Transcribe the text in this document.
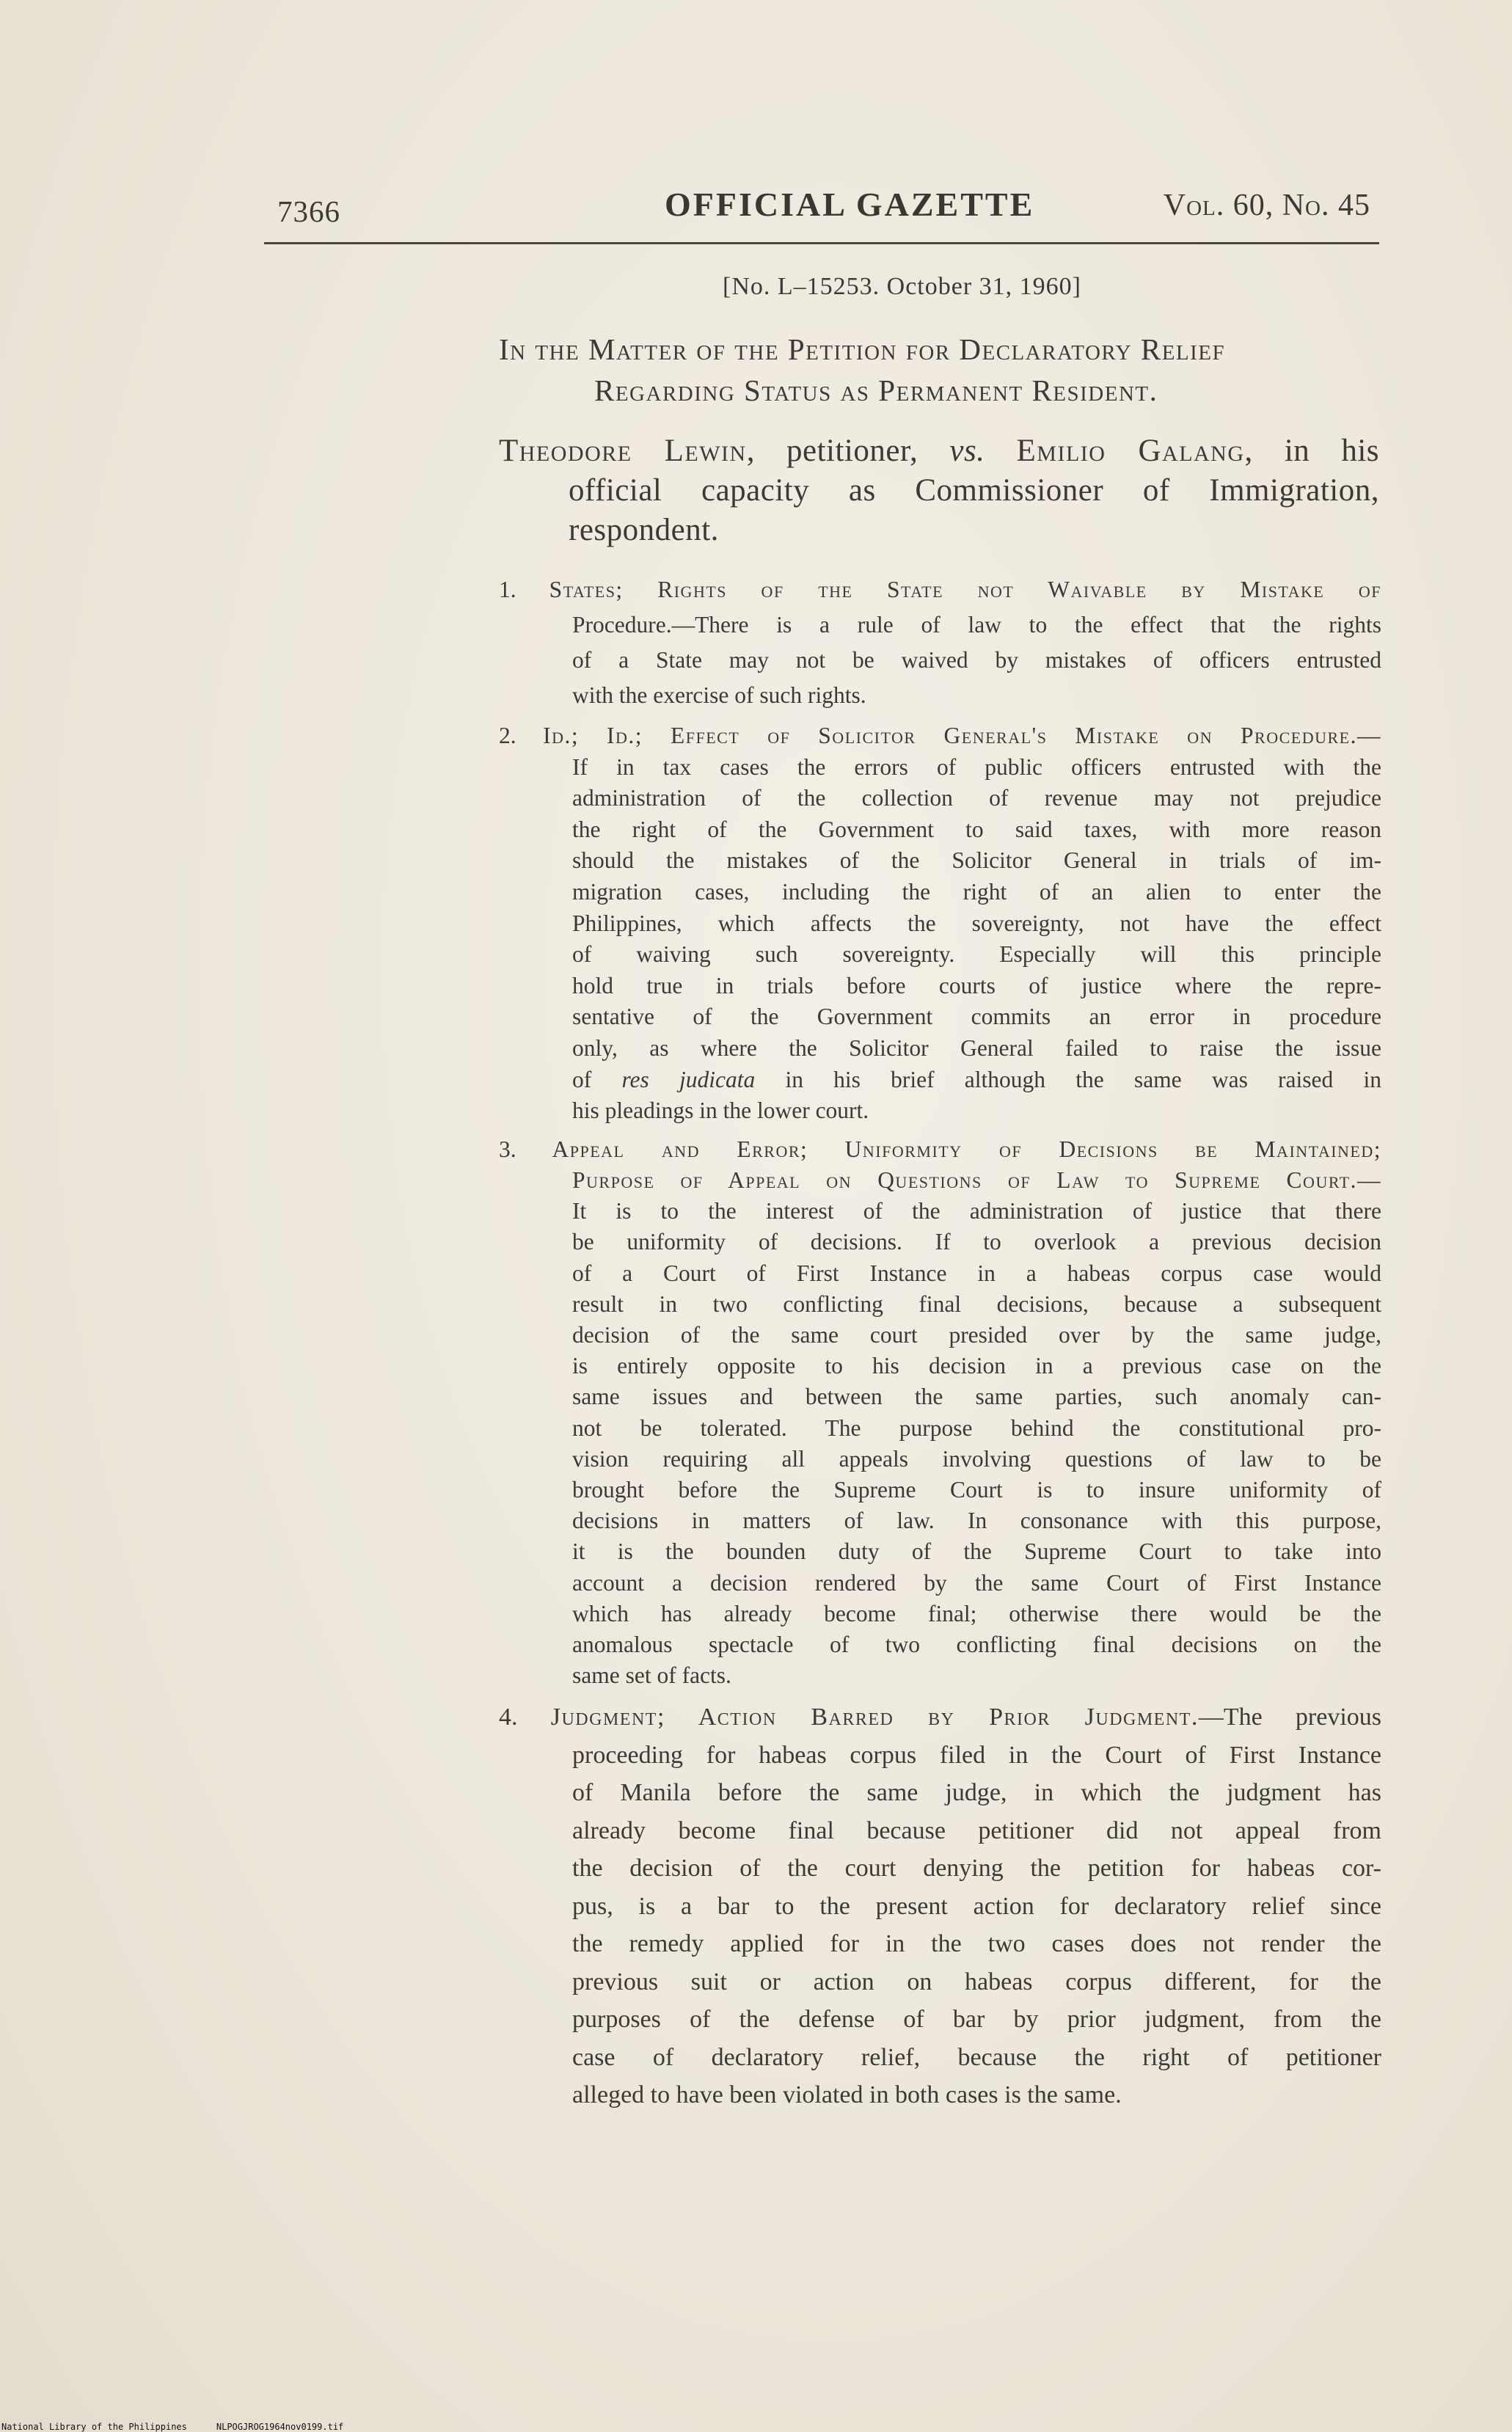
7366	OFFICIAL GAZETTE	Vol. 60, No. 45
[No. L–15253. October 31, 1960]
In the Matter of the Petition for Declaratory Relief
Regarding Status as Permanent Resident.
Theodore Lewin, petitioner, vs. Emilio Galang, in his
official capacity as Commissioner of Immigration,
respondent.
1. States; Rights of the State not Waivable by Mistake of
Procedure.—There is a rule of law to the effect that the rights
of a State may not be waived by mistakes of officers entrusted
with the exercise of such rights.
2. Id.; Id.; Effect of Solicitor General's Mistake on Procedure.—
If in tax cases the errors of public officers entrusted with the
administration of the collection of revenue may not prejudice
the right of the Government to said taxes, with more reason
should the mistakes of the Solicitor General in trials of im-
migration cases, including the right of an alien to enter the
Philippines, which affects the sovereignty, not have the effect
of waiving such sovereignty. Especially will this principle
hold true in trials before courts of justice where the repre-
sentative of the Government commits an error in procedure
only, as where the Solicitor General failed to raise the issue
of res judicata in his brief although the same was raised in
his pleadings in the lower court.
3. Appeal and Error; Uniformity of Decisions be Maintained;
Purpose of Appeal on Questions of Law to Supreme Court.—
It is to the interest of the administration of justice that there
be uniformity of decisions. If to overlook a previous decision
of a Court of First Instance in a habeas corpus case would
result in two conflicting final decisions, because a subsequent
decision of the same court presided over by the same judge,
is entirely opposite to his decision in a previous case on the
same issues and between the same parties, such anomaly can-
not be tolerated. The purpose behind the constitutional pro-
vision requiring all appeals involving questions of law to be
brought before the Supreme Court is to insure uniformity of
decisions in matters of law. In consonance with this purpose,
it is the bounden duty of the Supreme Court to take into
account a decision rendered by the same Court of First Instance
which has already become final; otherwise there would be the
anomalous spectacle of two conflicting final decisions on the
same set of facts.
4. Judgment; Action Barred by Prior Judgment.—The previous
proceeding for habeas corpus filed in the Court of First Instance
of Manila before the same judge, in which the judgment has
already become final because petitioner did not appeal from
the decision of the court denying the petition for habeas cor-
pus, is a bar to the present action for declaratory relief since
the remedy applied for in the two cases does not render the
previous suit or action on habeas corpus different, for the
purposes of the defense of bar by prior judgment, from the
case of declaratory relief, because the right of petitioner
alleged to have been violated in both cases is the same.
National Library of the Philippines	NLPOGJROG1964nov0199.tif
